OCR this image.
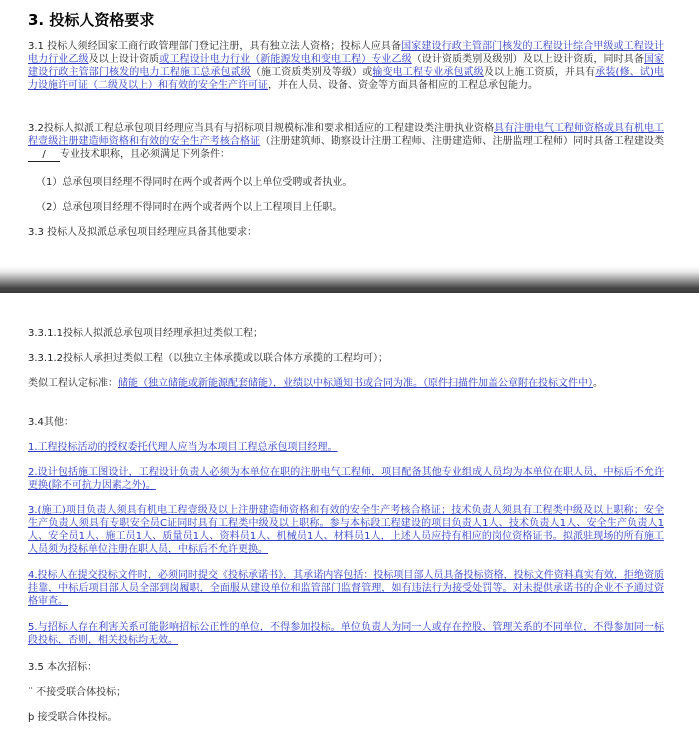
3. 投标人资格要求

3.1 投标人须经国家工商行政管理部门登记注册，具有独立法人资格；投标人应具备国家建设行政主管部门核发的工程设计综合甲级或工程设计电力行业乙级及以上设计资质或工程设计电力行业（新能源发电和变电工程）专业乙级（设计资质类别及级别）及以上设计资质，同时具备国家建设行政主管部门核发的电力工程施工总承包贰级（施工资质类别及等级）或输变电工程专业承包贰级及以上施工资质，并具有承装(修、试)电力设施许可证（二级及以上）和有效的安全生产许可证，并在人员、设备、资金等方面具备相应的工程总承包能力。

3.2投标人拟派工程总承包项目经理应当具有与招标项目规模标准和要求相适应的工程建设类注册执业资格具有注册电气工程师资格或具有机电工程壹级注册建造师资格和有效的安全生产考核合格证（注册建筑师、勘察设计注册工程师、注册建造师、注册监理工程师）同时具备工程建设类/ 专业技术职称，且必须满足下列条件：

（1）总承包项目经理不得同时在两个或者两个以上单位受聘或者执业。

（2）总承包项目经理不得同时在两个或者两个以上工程项目上任职。

3.3 投标人及拟派总承包项目经理应具备其他要求：

3.3.1.1投标人拟派总承包项目经理承担过类似工程；

3.3.1.2投标人承担过类似工程（以独立主体承揽或以联合体方承揽的工程均可）；

类似工程认定标准：储能（独立储能或新能源配套储能），业绩以中标通知书或合同为准。（原件扫描件加盖公章附在投标文件中）。

3.4其他：

1.工程投标活动的授权委托代理人应当为本项目工程总承包项目经理。

2.设计包括施工图设计，工程设计负责人必须为本单位在职的注册电气工程师，项目配备其他专业组成人员均为本单位在职人员，中标后不允许更换(除不可抗力因素之外)。

3.(施工)项目负责人须具有机电工程壹级及以上注册建造师资格和有效的安全生产考核合格证；技术负责人须具有工程类中级及以上职称；安全生产负责人须具有专职安全员C证同时具有工程类中级及以上职称。参与本标段工程建设的项目负责人1人、技术负责人1人、安全生产负责人1人、安全员1人、施工员1人、质量员1人、资料员1人、机械员1人、材料员1人，上述人员应持有相应的岗位资格证书。拟派驻现场的所有施工人员须为投标单位注册在职人员，中标后不允许更换。

4.投标人在提交投标文件时，必须同时提交《投标承诺书》，其承诺内容包括：投标项目部人员具备投标资格，投标文件资料真实有效，拒绝资质挂靠，中标后项目部人员全部到岗履职，全面服从建设单位和监管部门监督管理，如有违法行为接受处罚等。对未提供承诺书的企业不予通过资格审查。

5.与招标人存在利害关系可能影响招标公正性的单位，不得参加投标。单位负责人为同一人或存在控股、管理关系的不同单位，不得参加同一标段投标，否则，相关投标均无效。

3.5 本次招标：

¨ 不接受联合体投标；

þ 接受联合体投标。
